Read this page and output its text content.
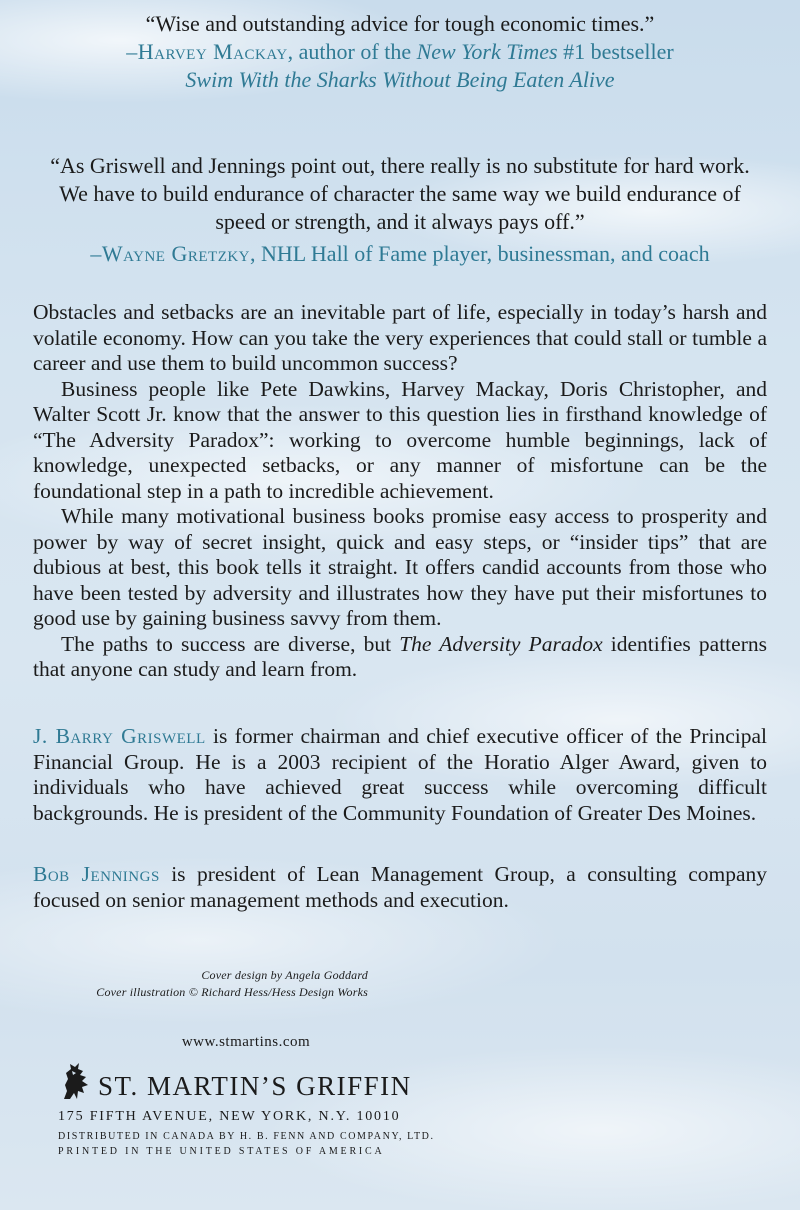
“Wise and outstanding advice for tough economic times.”

–Harvey Mackay, author of the New York Times #1 bestseller

Swim With the Sharks Without Being Eaten Alive

“As Griswell and Jennings point out, there really is no substitute for hard work. We have to build endurance of character the same way we build endurance of speed or strength, and it always pays off.”

–Wayne Gretzky, NHL Hall of Fame player, businessman, and coach

Obstacles and setbacks are an inevitable part of life, especially in today’s harsh and volatile economy. How can you take the very experiences that could stall or tumble a career and use them to build uncommon success?

Business people like Pete Dawkins, Harvey Mackay, Doris Christopher, and Walter Scott Jr. know that the answer to this question lies in firsthand knowledge of “The Adversity Paradox”: working to overcome humble beginnings, lack of knowledge, unexpected setbacks, or any manner of misfortune can be the foundational step in a path to incredible achievement.

While many motivational business books promise easy access to prosperity and power by way of secret insight, quick and easy steps, or “insider tips” that are dubious at best, this book tells it straight. It offers candid accounts from those who have been tested by adversity and illustrates how they have put their misfortunes to good use by gaining business savvy from them.

The paths to success are diverse, but The Adversity Paradox identifies patterns that anyone can study and learn from.

J. Barry Griswell is former chairman and chief executive officer of the Principal Financial Group. He is a 2003 recipient of the Horatio Alger Award, given to individuals who have achieved great success while overcoming difficult backgrounds. He is president of the Community Foundation of Greater Des Moines.

Bob Jennings is president of Lean Management Group, a consulting company focused on senior management methods and execution.

Cover design by Angela Goddard
Cover illustration © Richard Hess/Hess Design Works
www.stmartins.com
ST. MARTIN’S GRIFFIN
175 FIFTH AVENUE, NEW YORK, N.Y. 10010
DISTRIBUTED IN CANADA BY H. B. FENN AND COMPANY, LTD.
PRINTED IN THE UNITED STATES OF AMERICA
